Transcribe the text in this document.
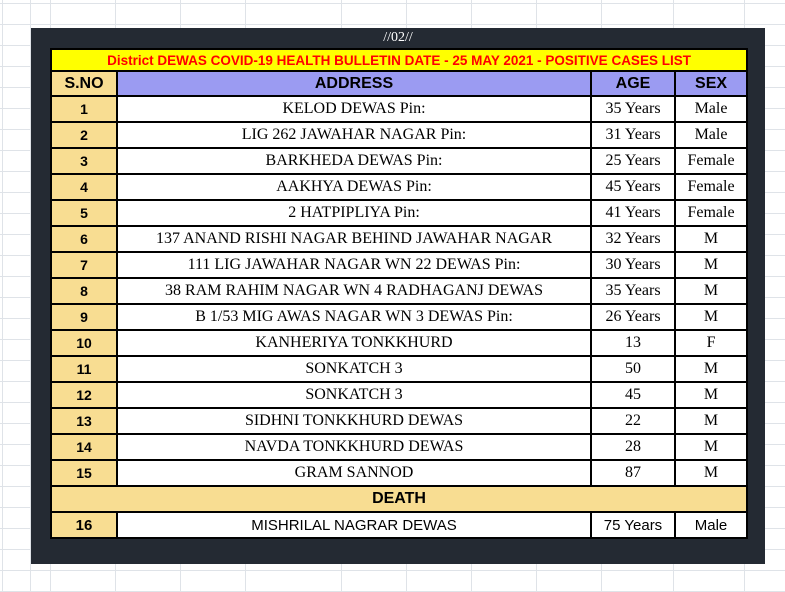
//02//
District DEWAS COVID-19 HEALTH BULLETIN DATE - 25 MAY 2021 - POSITIVE CASES LIST			
S.NO	ADDRESS	AGE	SEX
1	KELOD DEWAS Pin:	35 Years	Male
2	LIG 262 JAWAHAR NAGAR Pin:	31 Years	Male
3	BARKHEDA DEWAS Pin:	25 Years	Female
4	AAKHYA DEWAS Pin:	45 Years	Female
5	2 HATPIPLIYA Pin:	41 Years	Female
6	137 ANAND RISHI NAGAR BEHIND JAWAHAR NAGAR	32 Years	M
7	111 LIG JAWAHAR NAGAR WN 22 DEWAS Pin:	30 Years	M
8	38 RAM RAHIM NAGAR WN 4 RADHAGANJ DEWAS	35 Years	M
9	B 1/53 MIG AWAS NAGAR WN 3 DEWAS Pin:	26 Years	M
10	KANHERIYA TONKKHURD	13	F
11	SONKATCH 3	50	M
12	SONKATCH 3	45	M
13	SIDHNI TONKKHURD DEWAS	22	M
14	NAVDA TONKKHURD DEWAS	28	M
15	GRAM SANNOD	87	M
DEATH			
16	MISHRILAL NAGRAR DEWAS	75 Years	Male
